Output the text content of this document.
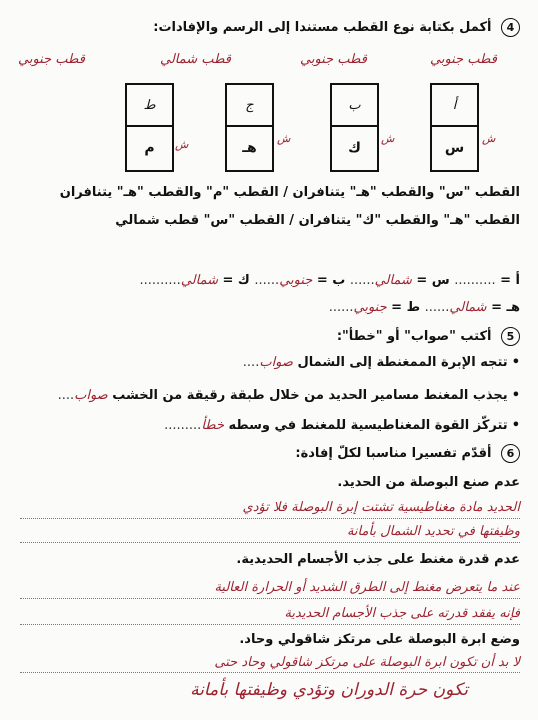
4 أكمل بكتابة نوع القطب مستندا إلى الرسم والإفادات:
قطب جنوبي	قطب شمالي	قطب جنوبي	قطب جنوبي
ط
م	ش
ج
هـ
ش
ب
ك
ش
أ
س
ش
القطب "س" والقطب "هـ" يتنافران / القطب "م" والقطب "هـ" يتنافران
القطب "هـ" والقطب "ك" يتنافران / القطب "س" قطب شمالي
أ = .......... س = شمالي...... ب = جنوبي...... ك = شمالي..........
هـ = شمالي...... ط = جنوبي......
5 أكتب "صواب" أو "خطأ":
•تتجه الإبرة الممغنطة إلى الشمال صواب....
•يجذب المغنط مسامير الحديد من خلال طبقة رقيقة من الخشب صواب....
•تتركّز القوة المغناطيسية للمغنط في وسطه خطأ.........
6 أقدّم تفسيرا مناسبا لكلّ إفادة:
عدم صنع البوصلة من الحديد.
الحديد مادة مغناطيسية تشتت إبرة البوصلة فلا تؤدي
وظيفتها في تحديد الشمال بأمانة
عدم قدرة مغنط على جذب الأجسام الحديدية.
عند ما يتعرض مغنط إلى الطرق الشديد أو الحرارة العالية
فإنه يفقد قدرته على جذب الأجسام الحديدية
وضع ابرة البوصلة على مرتكز شاقولي وحاد.
لا بد أن تكون ابرة البوصلة على مرتكز شاقولي وحاد حتى
تكون حرة الدوران وتؤدي وظيفتها بأمانة
